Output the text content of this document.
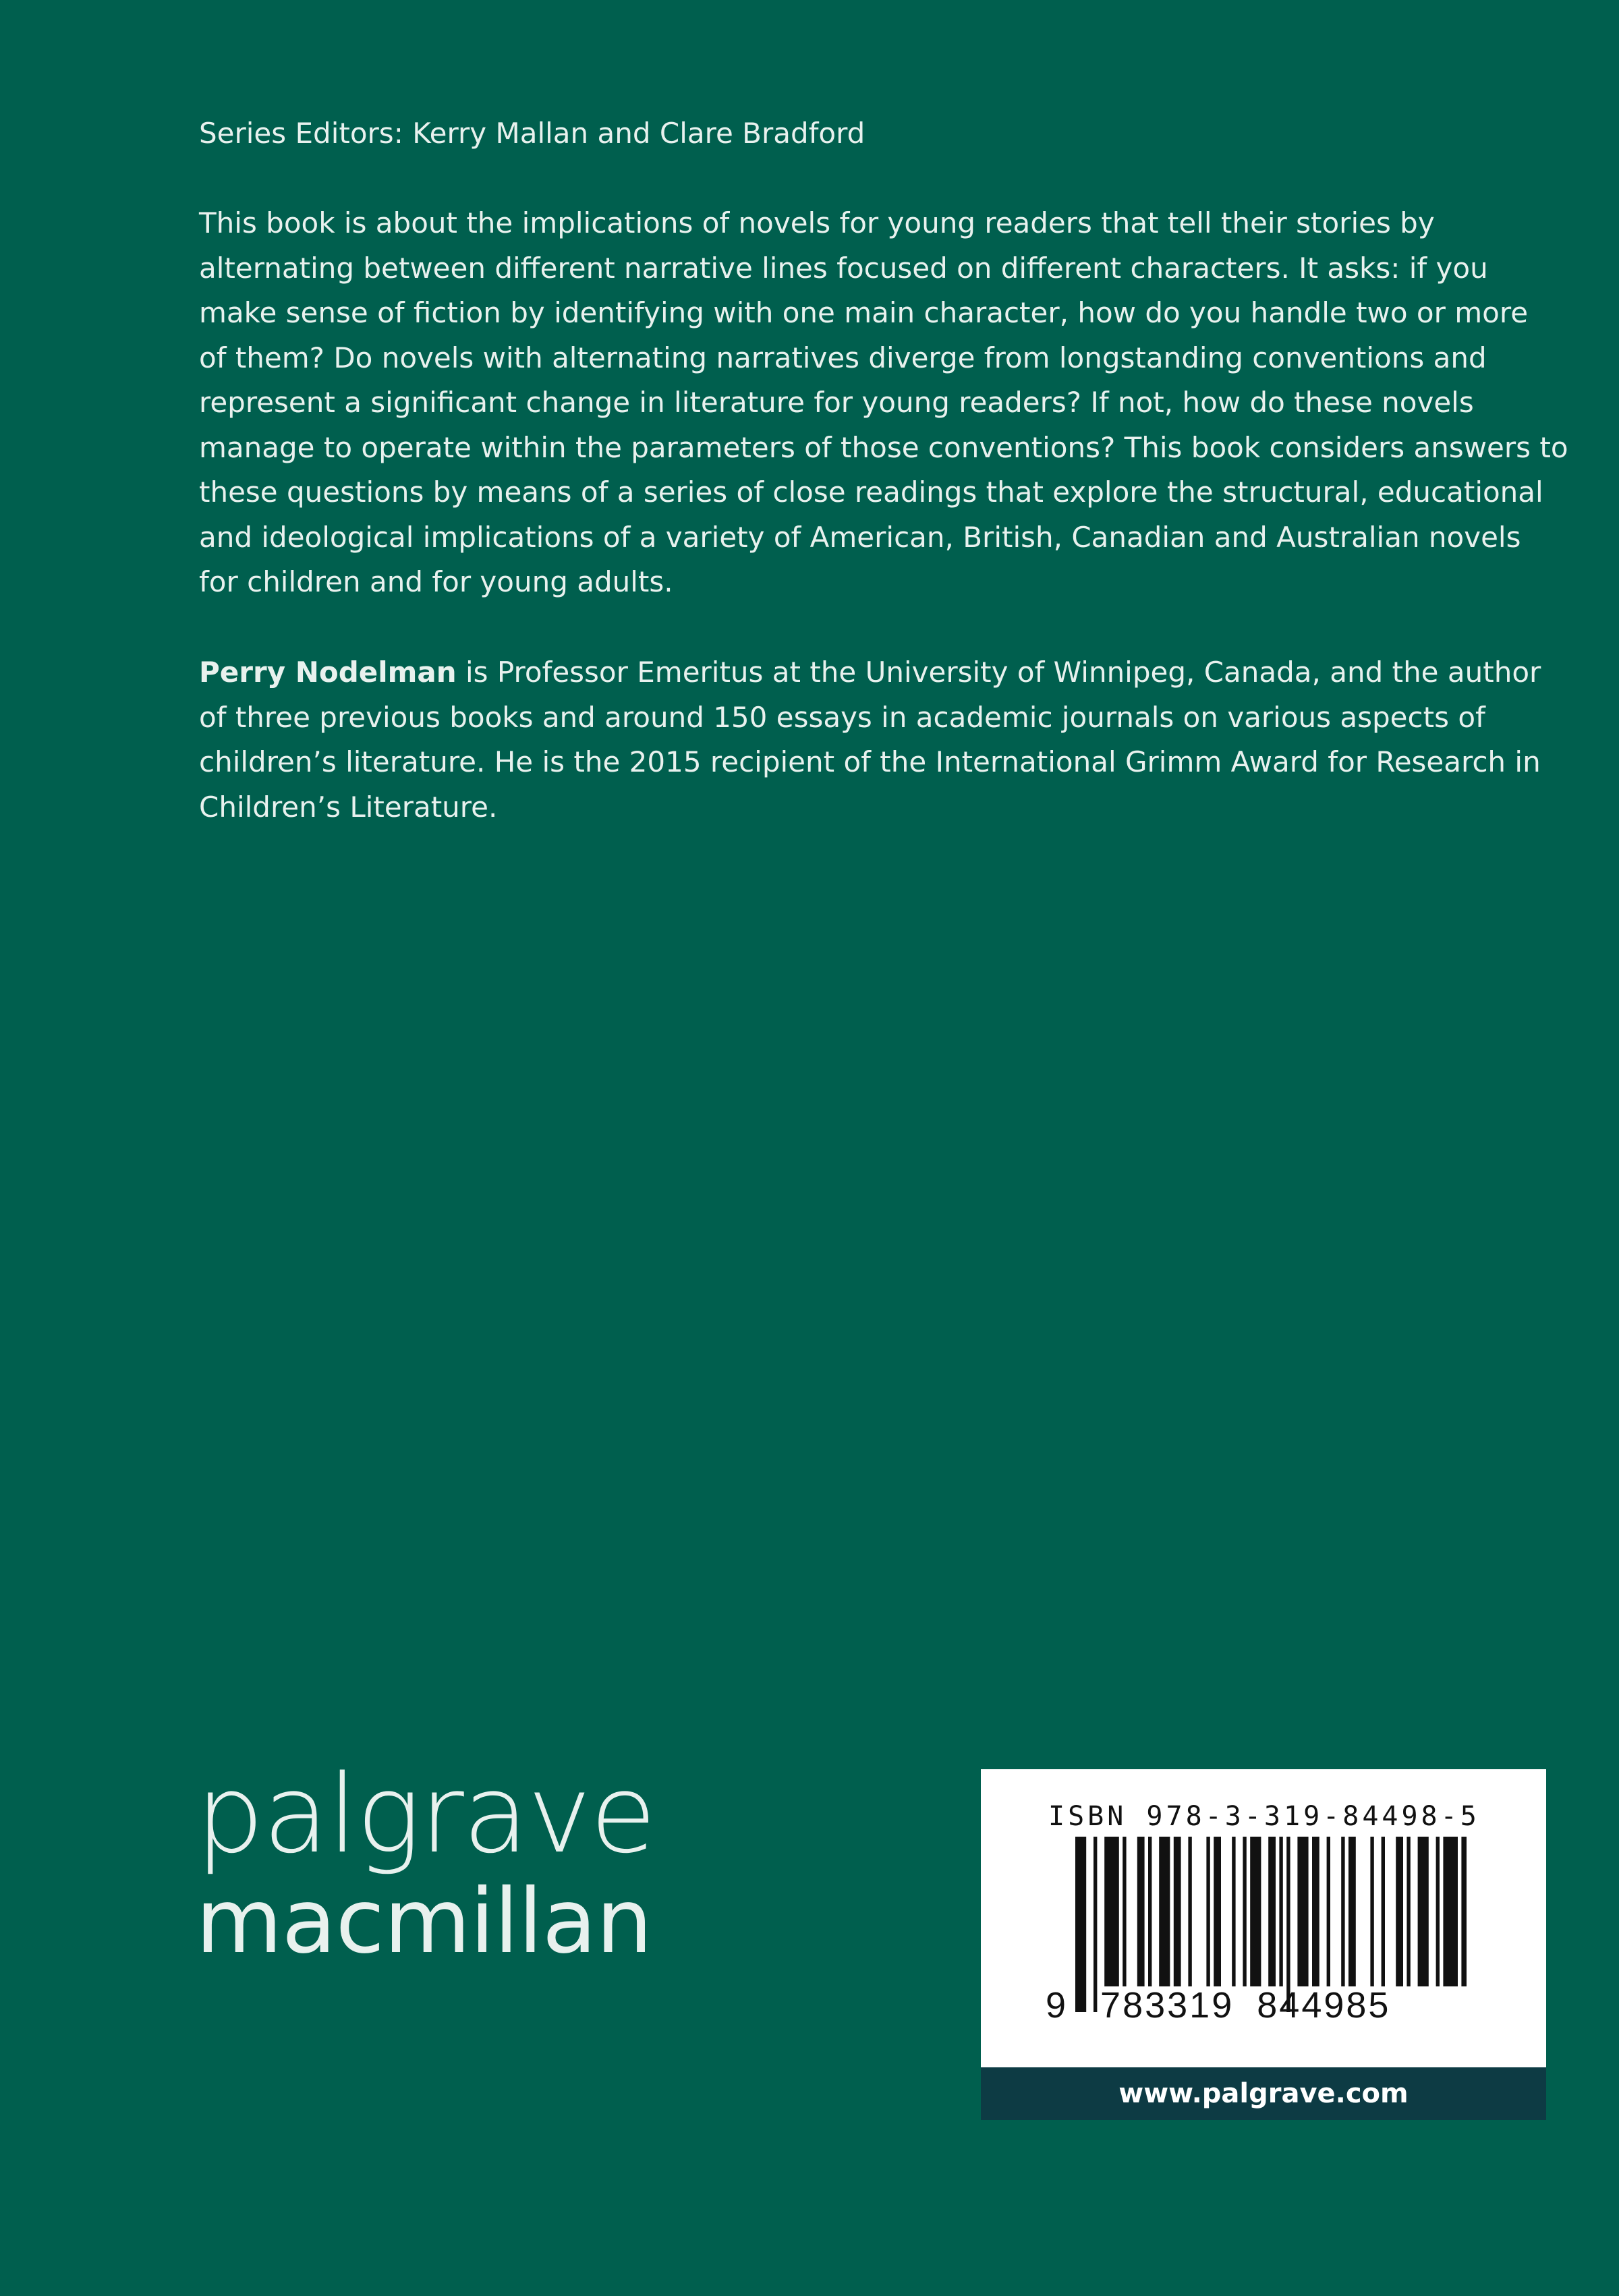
Series Editors: Kerry Mallan and Clare Bradford

This book is about the implications of novels for young readers that tell their stories by
alternating between different narrative lines focused on different characters. It asks: if you
make sense of fiction by identifying with one main character, how do you handle two or more
of them? Do novels with alternating narratives diverge from longstanding conventions and
represent a significant change in literature for young readers? If not, how do these novels
manage to operate within the parameters of those conventions? This book considers answers to
these questions by means of a series of close readings that explore the structural, educational
and ideological implications of a variety of American, British, Canadian and Australian novels
for children and for young adults.
Perry Nodelman is Professor Emeritus at the University of Winnipeg, Canada, and the author
of three previous books and around 150 essays in academic journals on various aspects of
children’s literature. He is the 2015 recipient of the International Grimm Award for Research in
Children’s Literature.
palgrave
macmillan
ISBN 978-3-319-84498-5
9 783319 844985
www.palgrave.com
